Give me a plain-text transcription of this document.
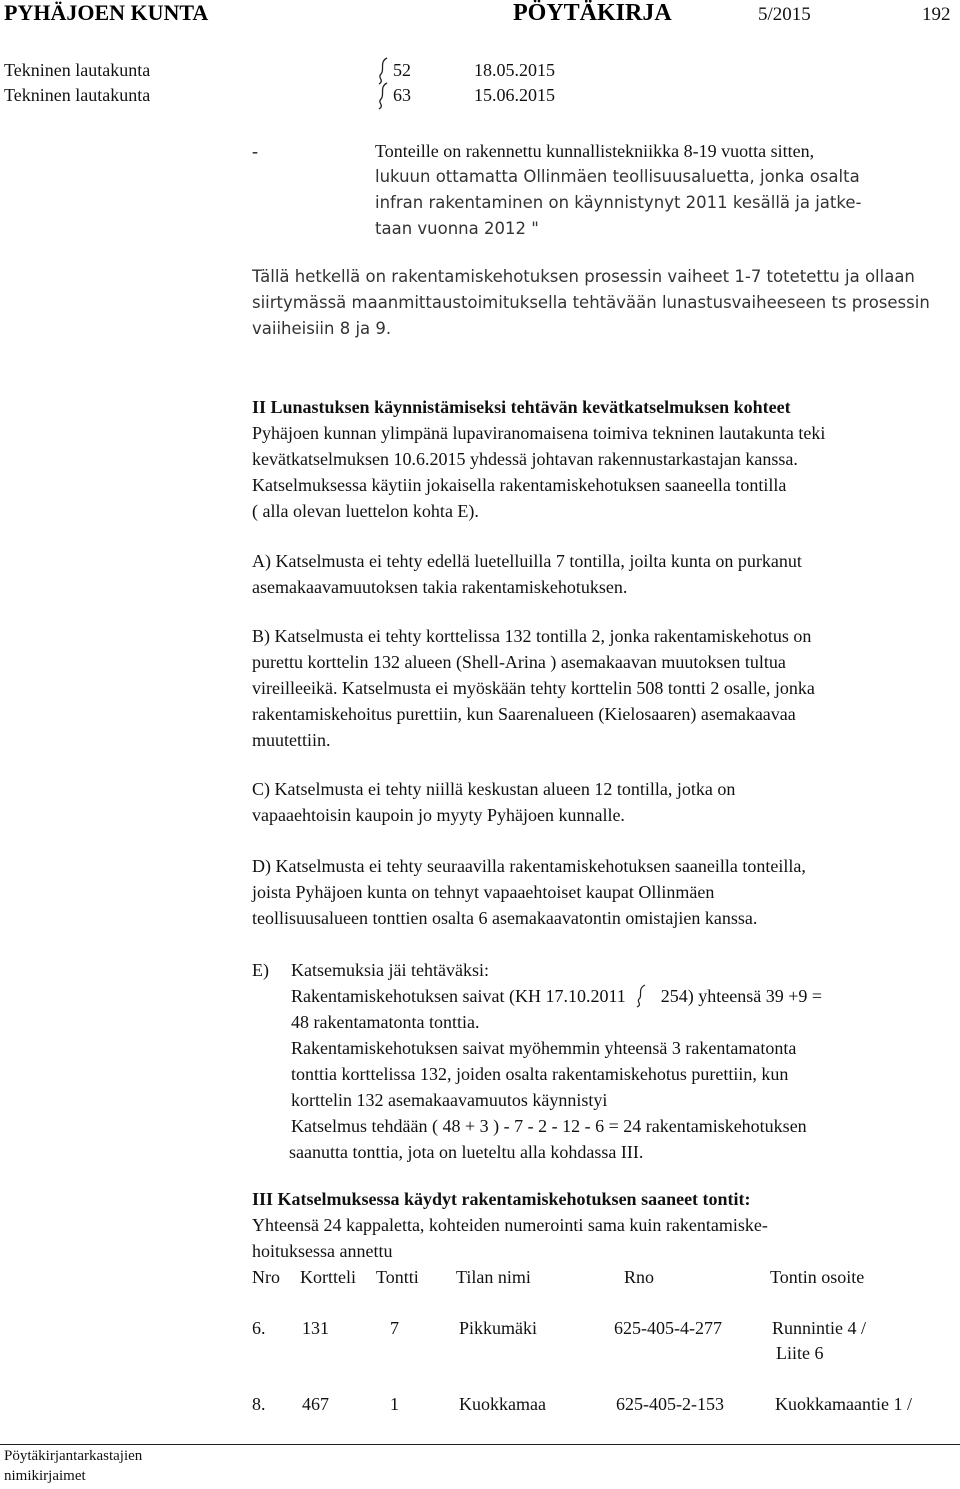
PYHÄJOEN KUNTA	PÖYTÄKIRJA	5/2015	192
Tekninen lautakunta	52	18.05.2015
Tekninen lautakunta	63	15.06.2015
-	Tonteille on rakennettu kunnallistekniikka 8-19 vuotta sitten,
lukuun ottamatta Ollinmäen teollisuusaluetta, jonka osalta
infran rakentaminen on käynnistynyt 2011 kesällä ja jatke-
taan vuonna 2012 "
Tällä hetkellä on rakentamiskehotuksen prosessin vaiheet 1-7 totetettu ja ollaan
siirtymässä maanmittaustoimituksella tehtävään lunastusvaiheeseen ts prosessin
vaiiheisiin 8 ja 9.
II Lunastuksen käynnistämiseksi tehtävän kevätkatselmuksen kohteet
Pyhäjoen kunnan ylimpänä lupaviranomaisena toimiva tekninen lautakunta teki
kevätkatselmuksen 10.6.2015 yhdessä johtavan rakennustarkastajan kanssa.
Katselmuksessa käytiin jokaisella rakentamiskehotuksen saaneella tontilla
( alla olevan luettelon kohta E).
A) Katselmusta ei tehty edellä luetelluilla 7 tontilla, joilta kunta on purkanut
asemakaavamuutoksen takia rakentamiskehotuksen.
B) Katselmusta ei tehty korttelissa 132 tontilla 2, jonka rakentamiskehotus on
purettu korttelin 132 alueen (Shell-Arina ) asemakaavan muutoksen tultua
vireilleeikä. Katselmusta ei myöskään tehty korttelin 508 tontti 2 osalle, jonka
rakentamiskehoitus purettiin, kun Saarenalueen (Kielosaaren) asemakaavaa
muutettiin.
C) Katselmusta ei tehty niillä keskustan alueen 12 tontilla, jotka on
vapaaehtoisin kaupoin jo myyty Pyhäjoen kunnalle.
D) Katselmusta ei tehty seuraavilla rakentamiskehotuksen saaneilla tonteilla,
joista Pyhäjoen kunta on tehnyt vapaaehtoiset kaupat Ollinmäen
teollisuusalueen tonttien osalta 6 asemakaavatontin omistajien kanssa.
E) Katsemuksia jäi tehtäväksi:
Rakentamiskehotuksen saivat (KH 17.10.2011 254) yhteensä 39 +9 =
48 rakentamatonta tonttia.
Rakentamiskehotuksen saivat myöhemmin yhteensä 3 rakentamatonta
tonttia korttelissa 132, joiden osalta rakentamiskehotus purettiin, kun
korttelin 132 asemakaavamuutos käynnistyi
Katselmus tehdään ( 48 + 3 ) - 7 - 2 - 12 - 6 = 24 rakentamiskehotuksen
saanutta tonttia, jota on lueteltu alla kohdassa III.
III Katselmuksessa käydyt rakentamiskehotuksen saaneet tontit:
Yhteensä 24 kappaletta, kohteiden numerointi sama kuin rakentamiske-
hoituksessa annettu
Nro Kortteli Tontti Tilan nimi	Rno	Tontin osoite
6. 131	7	Pikkumäki	625-405-4-277	Runnintie 4 /
Liite 6
8. 467	1	Kuokkamaa	625-405-2-153	Kuokkamaantie 1 /
Pöytäkirjantarkastajien
nimikirjaimet
